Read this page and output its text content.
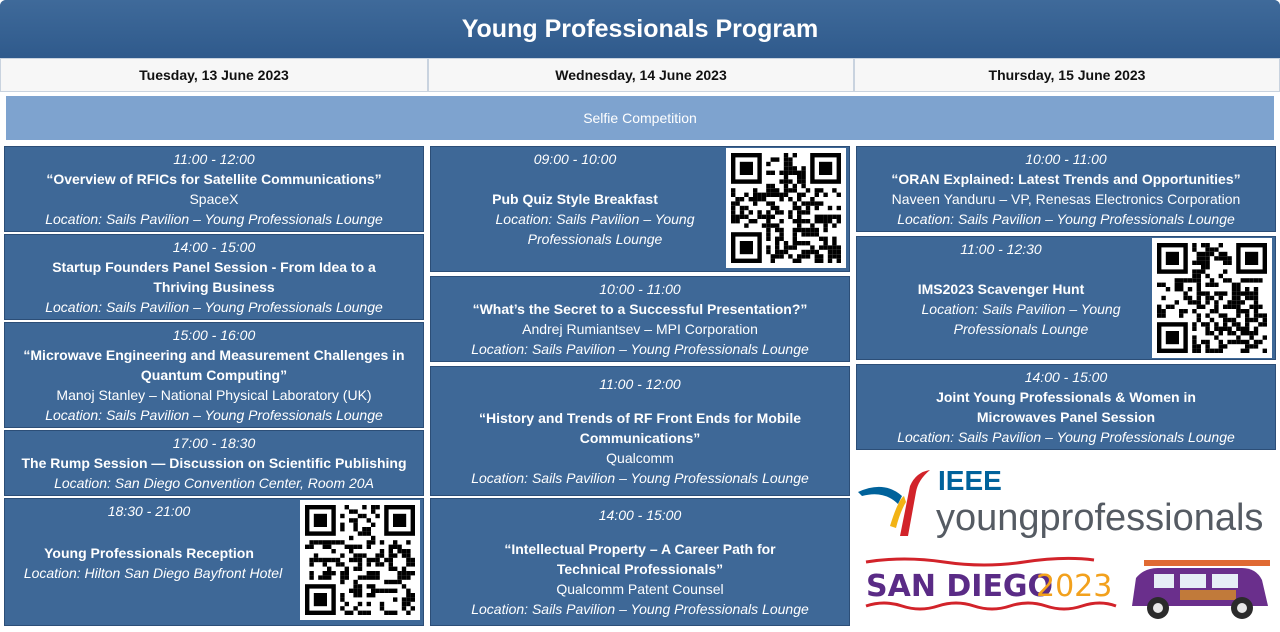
Young Professionals Program
Tuesday, 13 June 2023	Wednesday, 14 June 2023	Thursday, 15 June 2023
Selfie Competition
11:00 - 12:00
“Overview of RFICs for Satellite Communications”
SpaceX
Location: Sails Pavilion – Young Professionals Lounge
14:00 - 15:00
Startup Founders Panel Session - From Idea to a Thriving Business
Location: Sails Pavilion – Young Professionals Lounge
15:00 - 16:00
“Microwave Engineering and Measurement Challenges in Quantum Computing”
Manoj Stanley – National Physical Laboratory (UK)
Location: Sails Pavilion – Young Professionals Lounge
17:00 - 18:30
The Rump Session — Discussion on Scientific Publishing
Location: San Diego Convention Center, Room 20A
18:30 - 21:00
Young Professionals Reception
Location: Hilton San Diego Bayfront Hotel
09:00 - 10:00
Pub Quiz Style Breakfast
Location: Sails Pavilion – Young Professionals Lounge
10:00 - 11:00
“What’s the Secret to a Successful Presentation?”
Andrej Rumiantsev – MPI Corporation
Location: Sails Pavilion – Young Professionals Lounge
11:00 - 12:00
“History and Trends of RF Front Ends for Mobile Communications”
Qualcomm
Location: Sails Pavilion – Young Professionals Lounge
14:00 - 15:00
“Intellectual Property – A Career Path for Technical Professionals”
Qualcomm Patent Counsel
Location: Sails Pavilion – Young Professionals Lounge
10:00 - 11:00
“ORAN Explained: Latest Trends and Opportunities”
Naveen Yanduru – VP, Renesas Electronics Corporation
Location: Sails Pavilion – Young Professionals Lounge
11:00 - 12:30
IMS2023 Scavenger Hunt
Location: Sails Pavilion – Young Professionals Lounge
14:00 - 15:00
Joint Young Professionals & Women in Microwaves Panel Session
Location: Sails Pavilion – Young Professionals Lounge
IEEE
youngprofessionals
SAN DIEGO
2023
